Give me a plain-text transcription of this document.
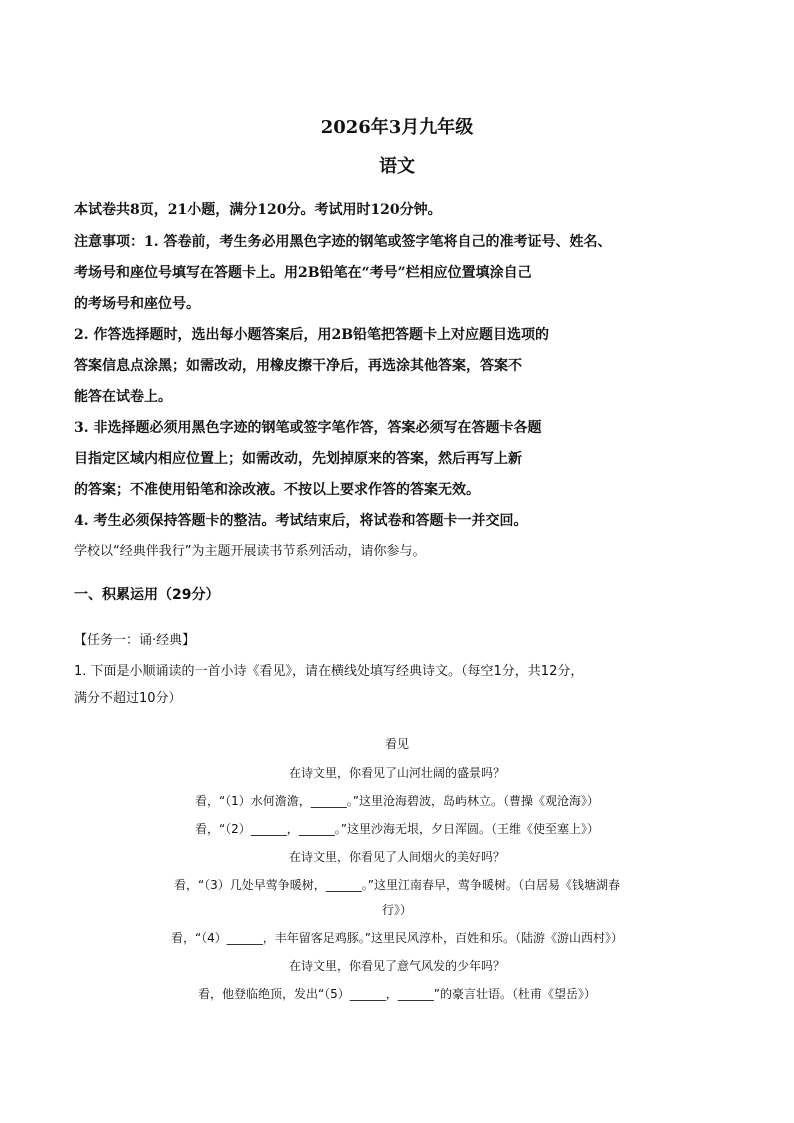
2026年3月九年级
语文
本试卷共8页，21小题，满分120分。考试用时120分钟。
注意事项：1. 答卷前，考生务必用黑色字迹的钢笔或签字笔将自己的准考证号、姓名、
考场号和座位号填写在答题卡上。用2B铅笔在“考号”栏相应位置填涂自己
的考场号和座位号。
2. 作答选择题时，选出每小题答案后，用2B铅笔把答题卡上对应题目选项的
答案信息点涂黑；如需改动，用橡皮擦干净后，再选涂其他答案，答案不
能答在试卷上。
3. 非选择题必须用黑色字迹的钢笔或签字笔作答，答案必须写在答题卡各题
目指定区域内相应位置上；如需改动，先划掉原来的答案，然后再写上新
的答案；不准使用铅笔和涂改液。不按以上要求作答的答案无效。
4. 考生必须保持答题卡的整洁。考试结束后，将试卷和答题卡一并交回。
学校以“经典伴我行”为主题开展读书节系列活动，请你参与。
一、积累运用（29分）
【任务一：诵·经典】
1. 下面是小顺诵读的一首小诗《看见》，请在横线处填写经典诗文。（每空1分，共12分，
满分不超过10分）
看见
在诗文里，你看见了山河壮阔的盛景吗？
看，“（1）水何澹澹，______。”这里沧海碧波，岛屿林立。（曹操《观沧海》）
看，“（2）______，______。”这里沙海无垠，夕日浑圆。（王维《使至塞上》）
在诗文里，你看见了人间烟火的美好吗？
看，“（3）几处早莺争暖树，______。”这里江南春早，莺争暖树。（白居易《钱塘湖春
行》）
看，“（4）______，丰年留客足鸡豚。”这里民风淳朴，百姓和乐。（陆游《游山西村》）
在诗文里，你看见了意气风发的少年吗？
看，他登临绝顶，发出“（5）______，______”的豪言壮语。（杜甫《望岳》）
